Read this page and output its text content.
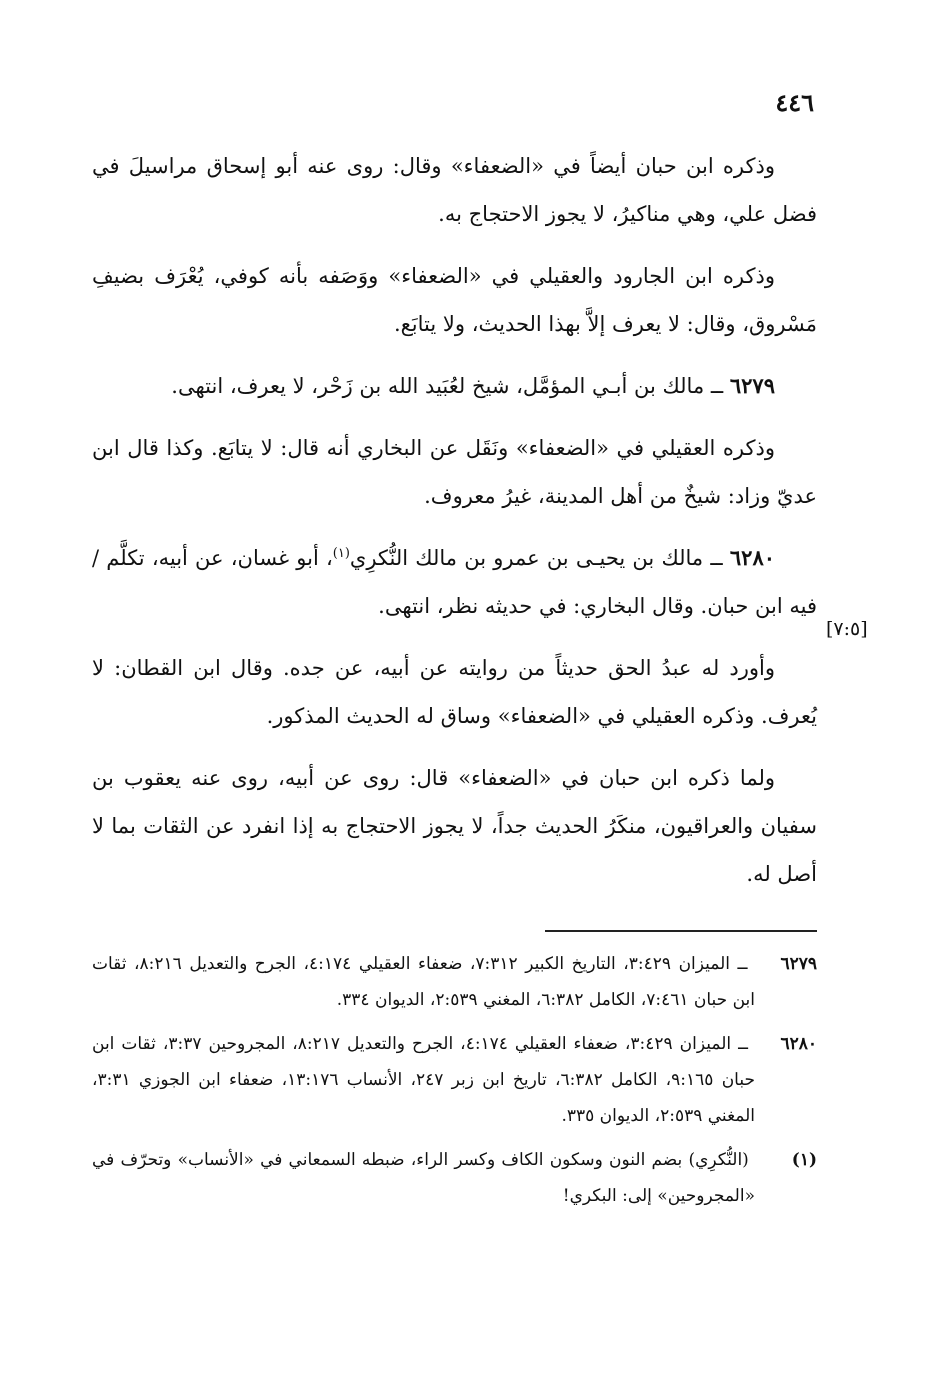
٤٤٦

وذكره ابن حبان أيضاً في «الضعفاء» وقال: روى عنه أبو إسحاق مراسيلَ في فضل علي، وهي مناكيرُ، لا يجوز الاحتجاج به.

وذكره ابن الجارود والعقيلي في «الضعفاء» ووَصَفه بأنه كوفي، يُعْرَف بضيفِ مَسْروق، وقال: لا يعرف إلاَّ بهذا الحديث، ولا يتابَع.

٦٢٧٩ ــ مالك بن أبـي المؤمَّل، شيخ لعُبَيد الله بن زَحْر، لا يعرف، انتهى.

وذكره العقيلي في «الضعفاء» ونَقَل عن البخاري أنه قال: لا يتابَع. وكذا قال ابن عديّ وزاد: شيخٌ من أهل المدينة، غيرُ معروف.

٦٢٨٠ ــ مالك بن يحيـى بن عمرو بن مالك النُّكرِي$^{(١)}$، أبو غسان، عن أبيه، تكلَّم / فيه ابن حبان. وقال البخاري: في حديثه نظر، انتهى.

وأورد له عبدُ الحق حديثاً من روايته عن أبيه، عن جده. وقال ابن القطان: لا يُعرف. وذكره العقيلي في «الضعفاء» وساق له الحديث المذكور.

ولما ذكره ابن حبان في «الضعفاء» قال: روى عن أبيه، روى عنه يعقوب بن سفيان والعراقيون، منكَرُ الحديث جداً، لا يجوز الاحتجاج به إذا انفرد عن الثقات بما لا أصل له.

[٧:٥]

٦٢٧٩ ــ الميزان ٣:٤٢٩، التاريخ الكبير ٧:٣١٢، ضعفاء العقيلي ٤:١٧٤، الجرح والتعديل ٨:٢١٦، ثقات ابن حبان ٧:٤٦١، الكامل ٦:٣٨٢، المغني ٢:٥٣٩، الديوان ٣٣٤.

٦٢٨٠ ــ الميزان ٣:٤٢٩، ضعفاء العقيلي ٤:١٧٤، الجرح والتعديل ٨:٢١٧، المجروحين ٣:٣٧، ثقات ابن حبان ٩:١٦٥، الكامل ٦:٣٨٢، تاريخ ابن زبر ٢٤٧، الأنساب ١٣:١٧٦، ضعفاء ابن الجوزي ٣:٣١، المغني ٢:٥٣٩، الديوان ٣٣٥.

(١) (النُّكرِي) بضم النون وسكون الكاف وكسر الراء، ضبطه السمعاني في «الأنساب» وتحرّف في «المجروحين» إلى: البكري!
